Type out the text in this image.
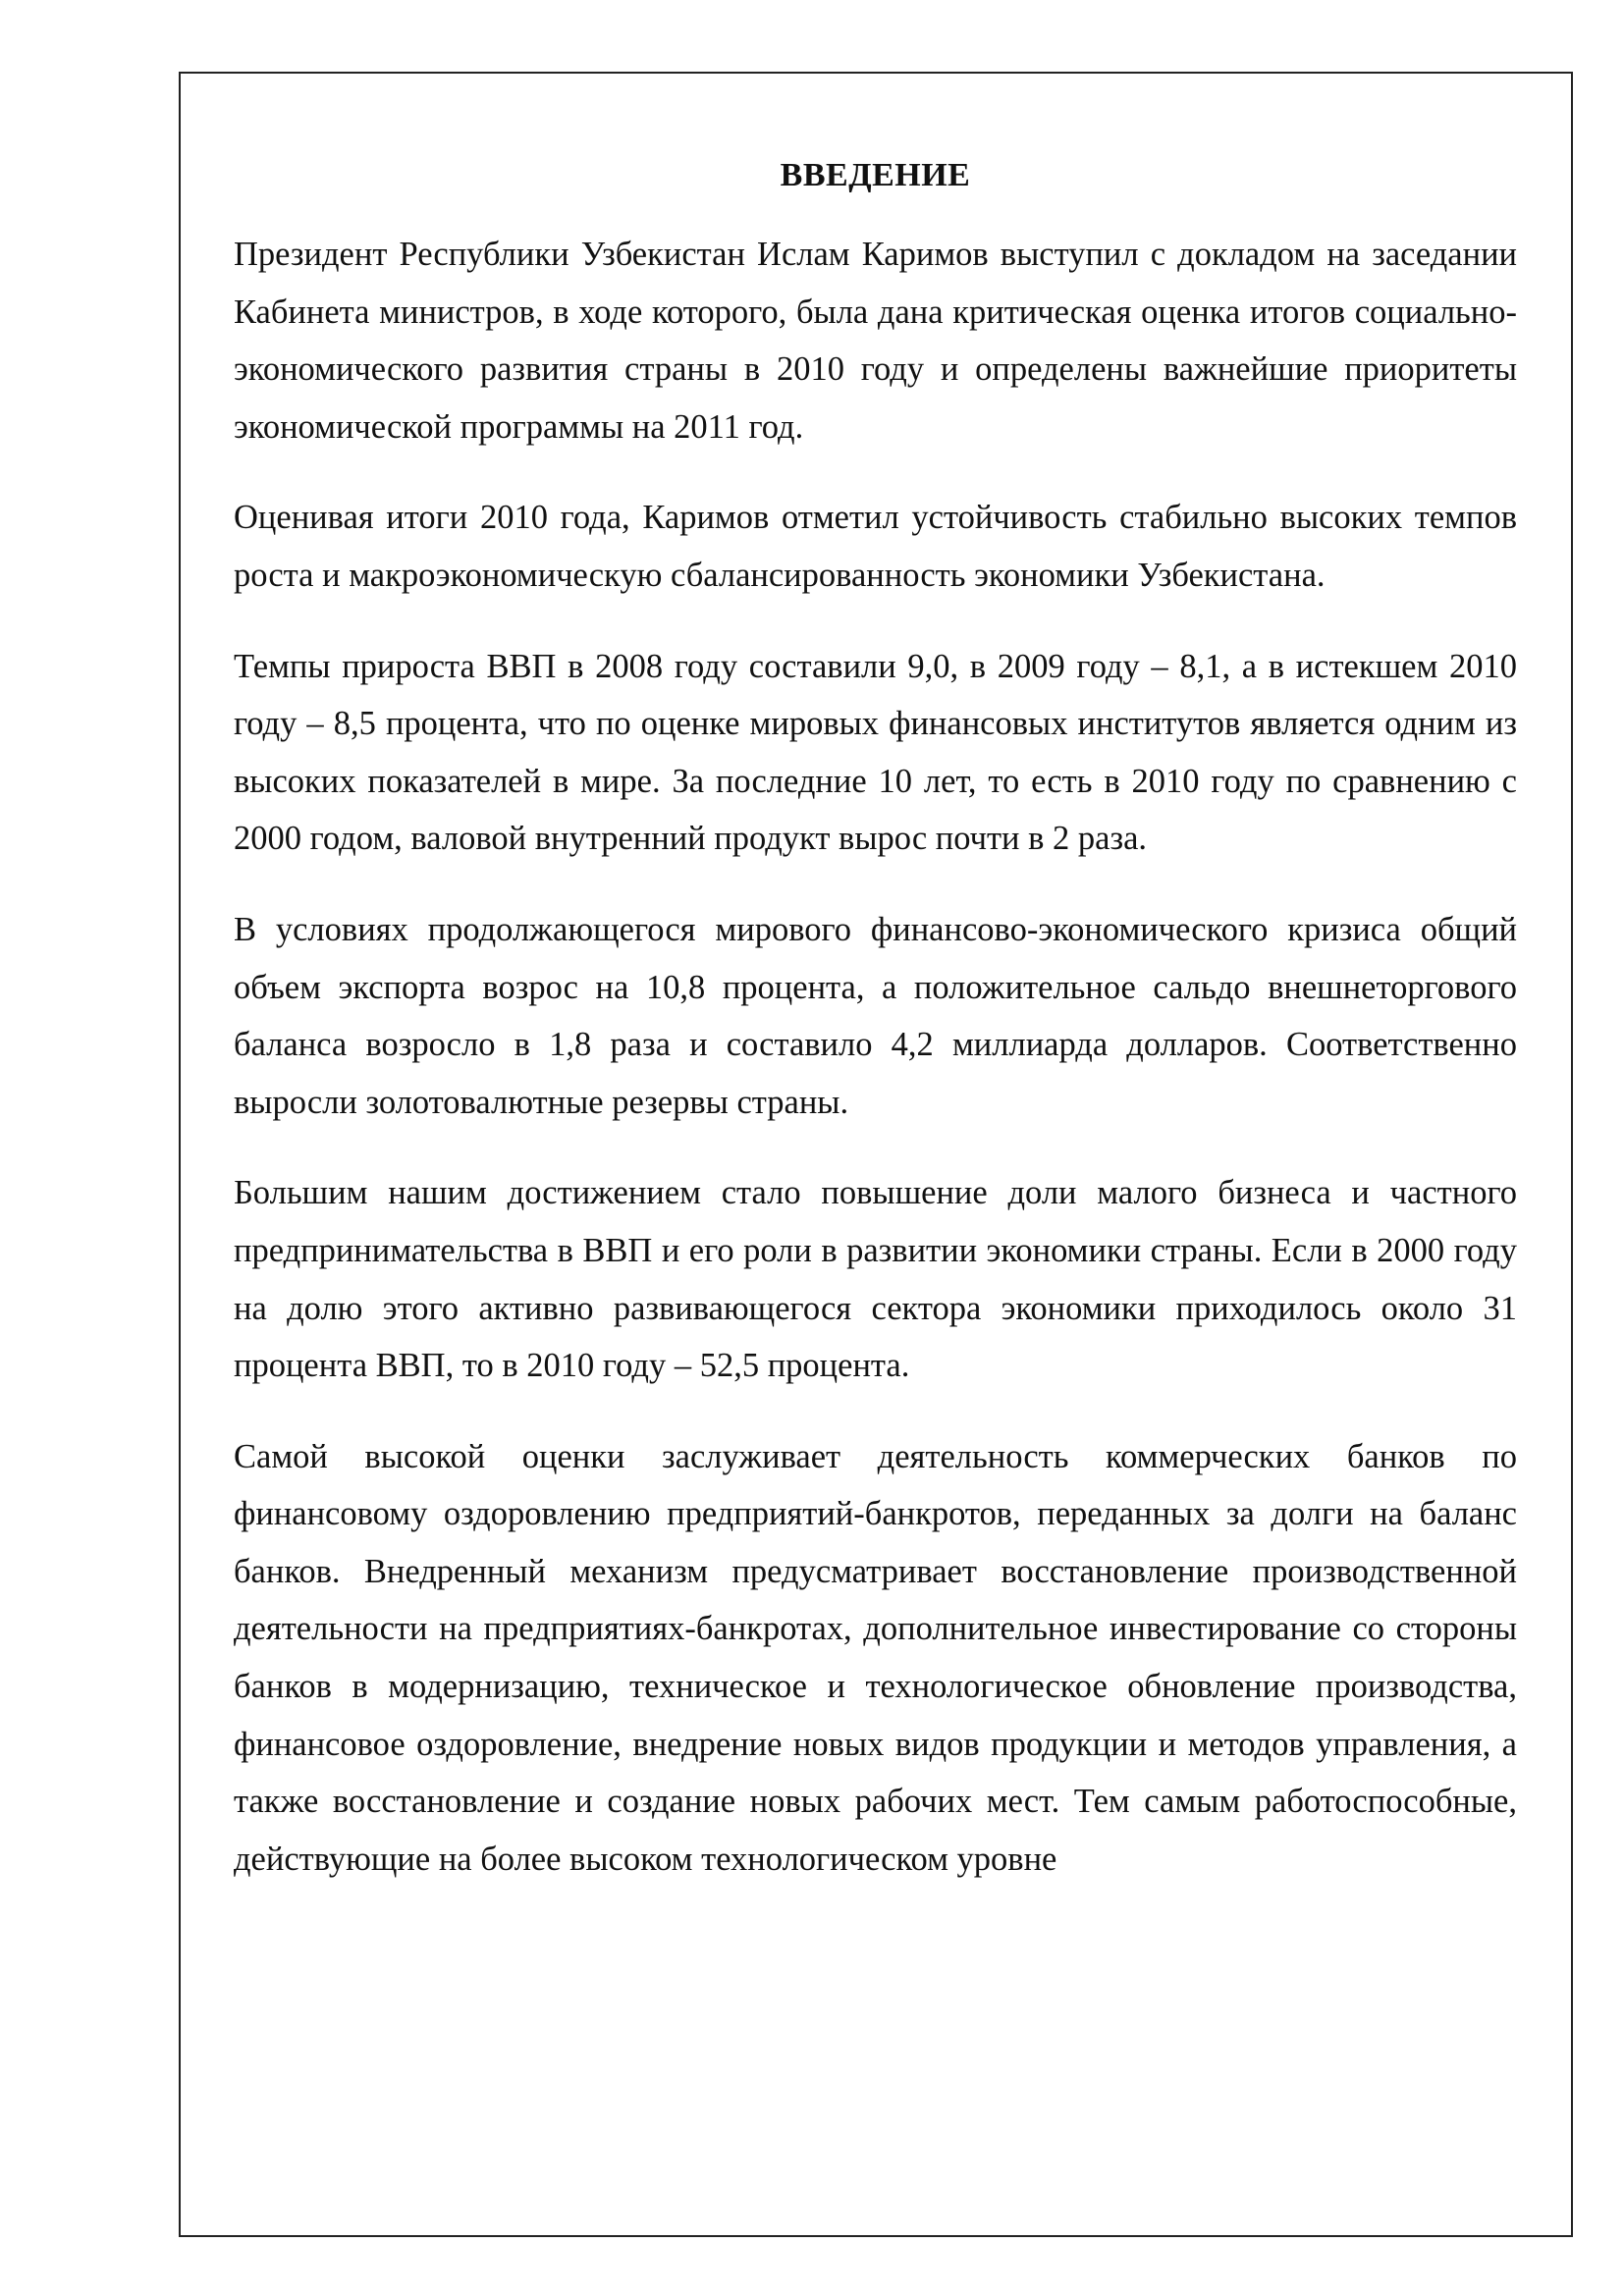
ВВЕДЕНИЕ

Президент Республики Узбекистан Ислам Каримов выступил с докладом на заседании Кабинета министров, в ходе которого, была дана критическая оценка итогов социально-экономического развития страны в 2010 году и определены важнейшие приоритеты экономической программы на 2011 год.

Оценивая итоги 2010 года, Каримов отметил устойчивость стабильно высоких темпов роста и макроэкономическую сбалансированность экономики Узбекистана.

Темпы прироста ВВП в 2008 году составили 9,0, в 2009 году – 8,1, а в истекшем 2010 году – 8,5 процента, что по оценке мировых финансовых институтов является одним из высоких показателей в мире. За последние 10 лет, то есть в 2010 году по сравнению с 2000 годом, валовой внутренний продукт вырос почти в 2 раза.

В условиях продолжающегося мирового финансово-экономического кризиса общий объем экспорта возрос на 10,8 процента, а положительное сальдо внешнеторгового баланса возросло в 1,8 раза и составило 4,2 миллиарда долларов. Соответственно выросли золотовалютные резервы страны.

Большим нашим достижением стало повышение доли малого бизнеса и частного предпринимательства в ВВП и его роли в развитии экономики страны. Если в 2000 году на долю этого активно развивающегося сектора экономики приходилось около 31 процента ВВП, то в 2010 году – 52,5 процента.

Самой высокой оценки заслуживает деятельность коммерческих банков по финансовому оздоровлению предприятий-банкротов, переданных за долги на баланс банков. Внедренный механизм предусматривает восстановление производственной деятельности на предприятиях-банкротах, дополнительное инвестирование со стороны банков в модернизацию, техническое и технологическое обновление производства, финансовое оздоровление, внедрение новых видов продукции и методов управления, а также восстановление и создание новых рабочих мест. Тем самым работоспособные, действующие на более высоком технологическом уровне
